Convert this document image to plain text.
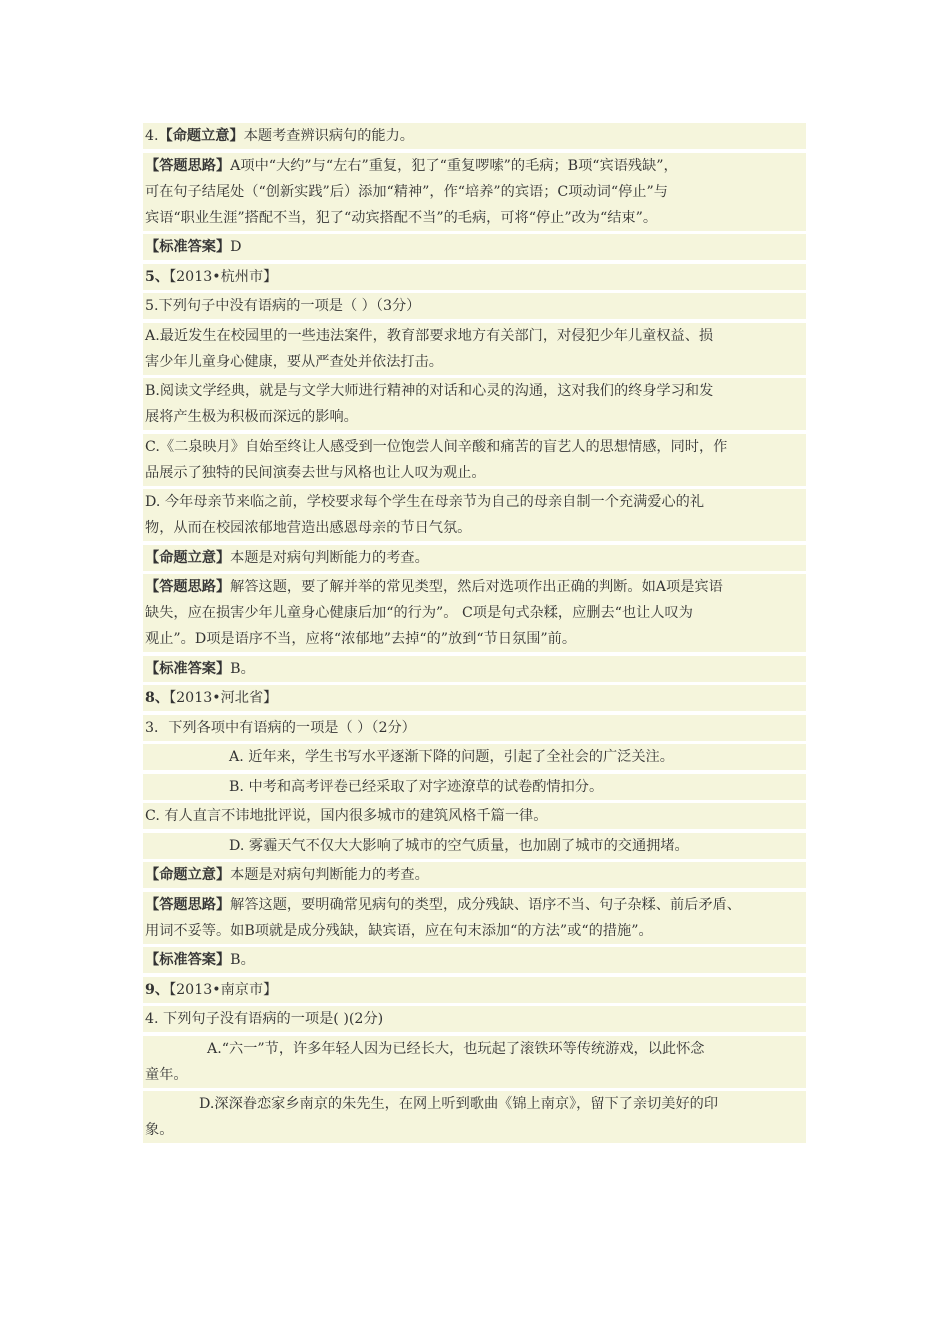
4.【命题立意】本题考查辨识病句的能力。
【答题思路】A项中“大约”与“左右”重复，犯了“重复啰嗦”的毛病；B项“宾语残缺”，
可在句子结尾处（“创新实践”后）添加“精神”，作“培养”的宾语；C项动词“停止”与
宾语“职业生涯”搭配不当，犯了“动宾搭配不当”的毛病，可将“停止”改为“结束”。
【标准答案】D
5、【2013•杭州市】
5.下列句子中没有语病的一项是（ ）（3分）
A.最近发生在校园里的一些违法案件，教育部要求地方有关部门，对侵犯少年儿童权益、损
害少年儿童身心健康，要从严查处并依法打击。
B.阅读文学经典，就是与文学大师进行精神的对话和心灵的沟通，这对我们的终身学习和发
展将产生极为积极而深远的影响。
C.《二泉映月》自始至终让人感受到一位饱尝人间辛酸和痛苦的盲艺人的思想情感，同时，作
品展示了独特的民间演奏去世与风格也让人叹为观止。
D. 今年母亲节来临之前，学校要求每个学生在母亲节为自己的母亲自制一个充满爱心的礼
物，从而在校园浓郁地营造出感恩母亲的节日气氛。
【命题立意】本题是对病句判断能力的考查。
【答题思路】解答这题，要了解并举的常见类型，然后对选项作出正确的判断。如A项是宾语
缺失，应在损害少年儿童身心健康后加“的行为”。 C项是句式杂糅，应删去“也让人叹为
观止”。D项是语序不当，应将“浓郁地”去掉“的”放到“节日氛围”前。
【标准答案】B。
8、【2013•河北省】
3．下列各项中有语病的一项是（ ）（2分）
A. 近年来，学生书写水平逐渐下降的问题，引起了全社会的广泛关注。
B. 中考和高考评卷已经采取了对字迹潦草的试卷酌情扣分。
C. 有人直言不讳地批评说，国内很多城市的建筑风格千篇一律。
D. 雾霾天气不仅大大影响了城市的空气质量，也加剧了城市的交通拥堵。
【命题立意】本题是对病句判断能力的考查。
【答题思路】解答这题，要明确常见病句的类型，成分残缺、语序不当、句子杂糅、前后矛盾、
用词不妥等。如B项就是成分残缺，缺宾语，应在句末添加“的方法”或“的措施”。
【标准答案】B。
9、【2013•南京市】
4. 下列句子没有语病的一项是( )(2分)
A.“六一”节，许多年轻人因为已经长大，也玩起了滚铁环等传统游戏，以此怀念
童年。
D.深深眷恋家乡南京的朱先生，在网上听到歌曲《锦上南京》，留下了亲切美好的印
象。
